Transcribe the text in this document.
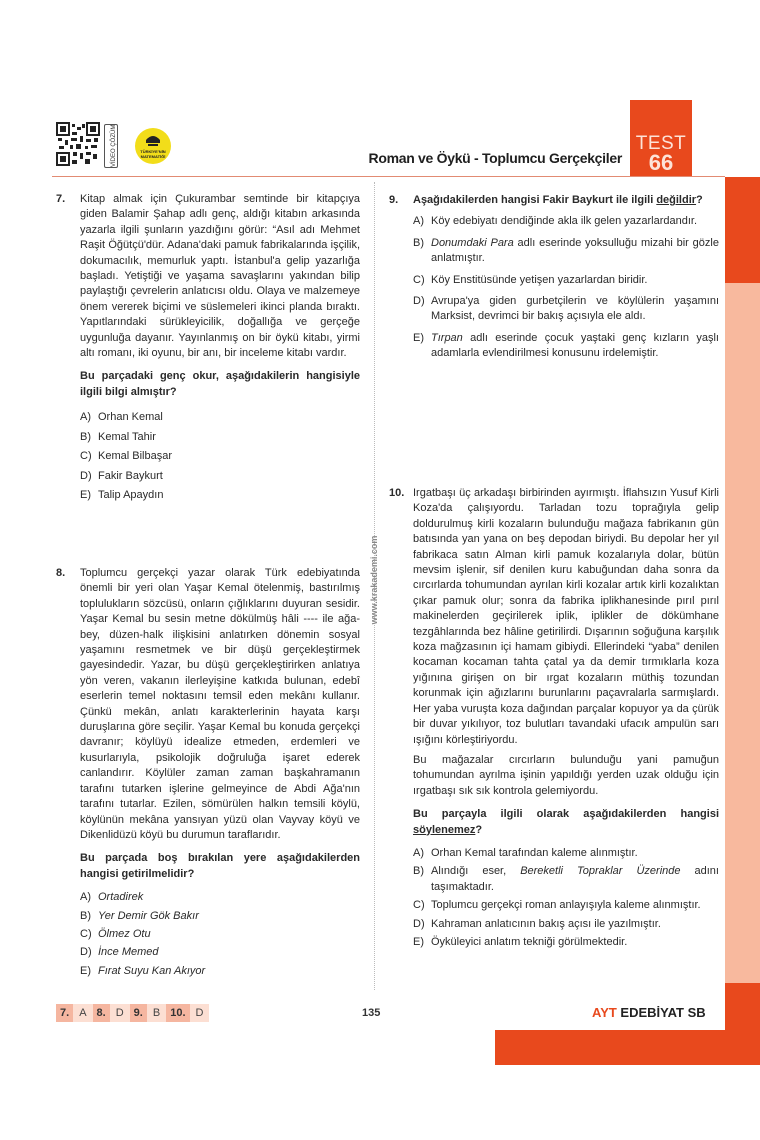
VİDEO ÇÖZÜM	TÜRKİYE'NİN MATEMATİĞİ	Roman ve Öykü - Toplumcu Gerçekçiler
TEST
66
www.krakademi.com
7. Kitap almak için Çukurambar semtinde bir kitapçıya giden Balamir Şahap adlı genç, aldığı kitabın arkasında yazarla ilgili şunların yazdığını görür: “Asıl adı Mehmet Raşit Öğütçü'dür. Adana'daki pamuk fabrikalarında işçilik, dokumacılık, memurluk yaptı. İstanbul'a gelip yazarlığa başladı. Yetiştiği ve yaşama savaşlarını yakından bilip paylaştığı çevrelerin anlatıcısı oldu. Olaya ve malzemeye önem vererek biçimi ve süslemeleri ikinci planda bıraktı. Yapıtlarındaki sürükleyicilik, doğallığa ve gerçeğe uygunluğa dayanır. Yayınlanmış on bir öykü kitabı, yirmi altı romanı, iki oyunu, bir anı, bir inceleme kitabı vardır.

Bu parçadaki genç okur, aşağıdakilerin hangisiyle ilgili bilgi almıştır?

A) Orhan Kemal
B) Kemal Tahir
C) Kemal Bilbaşar
D) Fakir Baykurt
E) Talip Apaydın
8. Toplumcu gerçekçi yazar olarak Türk edebiyatında önemli bir yeri olan Yaşar Kemal ötelenmiş, bastırılmış toplulukların sözcüsü, onların çığlıklarını duyuran sesidir. Yaşar Kemal bu sesin metne dökülmüş hâli ---- ile ağa-bey, düzen-halk ilişkisini anlatırken dönemin sosyal yaşamını resmetmek ve bir düşü gerçekleştirmek gayesindedir. Yazar, bu düşü gerçekleştirirken anlatıya yön veren, vakanın ilerleyişine katkıda bulunan, edebî eserlerin temel noktasını temsil eden mekânı kullanır. Çünkü mekân, anlatı karakterlerinin hayata karşı duruşlarına göre seçilir. Yaşar Kemal bu konuda gerçekçi davranır; köylüyü idealize etmeden, erdemleri ve kusurlarıyla, psikolojik doğruluğa işaret ederek canlandırır. Köylüler zaman zaman başkahramanın tarafını tutarken işlerine gelmeyince de Abdi Ağa'nın tarafını tutarlar. Ezilen, sömürülen halkın temsili köylü, köylünün mekâna yansıyan yüzü olan Vayvay köyü ve Dikenlidüzü köyü bu durumun taraflarıdır.

Bu parçada boş bırakılan yere aşağıdakilerden hangisi getirilmelidir?

A) Ortadirek
B) Yer Demir Gök Bakır
C) Ölmez Otu
D) İnce Memed
E) Fırat Suyu Kan Akıyor
9. Aşağıdakilerden hangisi Fakir Baykurt ile ilgili değildir?

A) Köy edebiyatı dendiğinde akla ilk gelen yazarlardandır.
B) Donumdaki Para adlı eserinde yoksulluğu mizahi bir gözle anlatmıştır.
C) Köy Enstitüsünde yetişen yazarlardan biridir.
D) Avrupa'ya giden gurbetçilerin ve köylülerin yaşamını Marksist, devrimci bir bakış açısıyla ele aldı.
E) Tırpan adlı eserinde çocuk yaştaki genç kızların yaşlı adamlarla evlendirilmesi konusunu irdelemiştir.
10. Irgatbaşı üç arkadaşı birbirinden ayırmıştı. İflahsızın Yusuf Kirli Koza'da çalışıyordu. Tarladan tozu toprağıyla gelip doldurulmuş kirli kozaların bulunduğu mağaza fabrikanın gün batısında yan yana on beş depodan biriydi. Bu depolar her yıl fabrikaca satın Alman kirli pamuk kozalarıyla dolar, bütün mevsim işlenir, sif denilen kuru kabuğundan daha sonra da cırcırlarda tohumundan ayrılan kirli kozalar artık kirli kozalıktan çıkar pamuk olur; sonra da fabrika iplikhanesinde pırıl pırıl makinelerden geçirilerek iplik, iplikler de dökümhane tezgâhlarında bez hâline getirilirdi. Dışarının soğuğuna karşılık koza mağzasının içi hamam gibiydi. Ellerindeki “yaba” denilen kocaman kocaman tahta çatal ya da demir tırmıklarla koza yığınına girişen on bir ırgat kozaların müthiş tozundan korunmak için ağızlarını burunlarını paçavralarla sarmışlardı. Her yaba vuruşta koza dağından parçalar kopuyor ya da çürük bir duvar yıkılıyor, toz bulutları tavandaki ufacık ampulün sarı ışığını körleştiriyordu.

Bu mağazalar cırcırların bulunduğu yani pamuğun tohumundan ayrılma işinin yapıldığı yerden uzak olduğu için ırgatbaşı sık sık kontrola gelemiyordu.

Bu parçayla ilgili olarak aşağıdakilerden hangisi söylenemez?

A) Orhan Kemal tarafından kaleme alınmıştır.
B) Alındığı eser, Bereketli Topraklar Üzerinde adını taşımaktadır.
C) Toplumcu gerçekçi roman anlayışıyla kaleme alınmıştır.
D) Kahraman anlatıcının bakış açısı ile yazılmıştır.
E) Öyküleyici anlatım tekniği görülmektedir.
7. A 8. D 9. B 10. D	135	AYT EDEBİYAT SB
